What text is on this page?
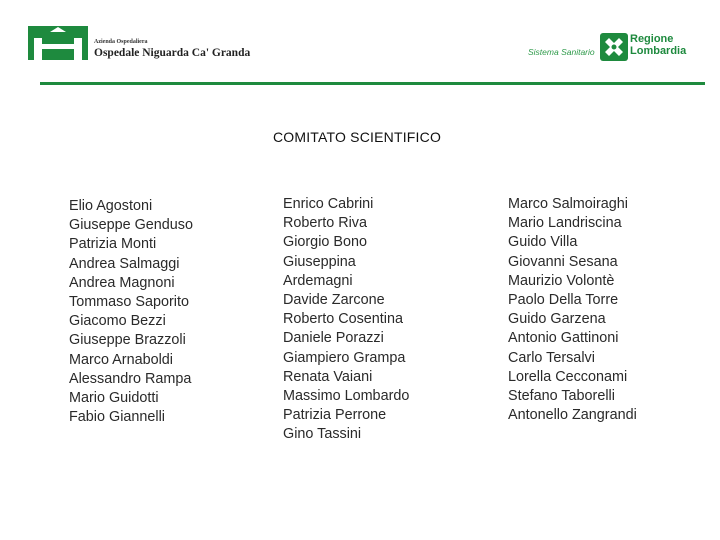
Azienda Ospedaliera
Ospedale Niguarda Ca' Granda	Sistema Sanitario
Regione
Lombardia
COMITATO SCIENTIFICO
Elio Agostoni
Giuseppe Genduso
Patrizia Monti
Andrea Salmaggi
Andrea Magnoni
Tommaso Saporito
Giacomo Bezzi
Giuseppe Brazzoli
Marco Arnaboldi
Alessandro Rampa
Mario Guidotti
Fabio Giannelli
Enrico Cabrini
Roberto Riva
Giorgio Bono
Giuseppina
Ardemagni
Davide Zarcone
Roberto Cosentina
Daniele Porazzi
Giampiero Grampa
Renata Vaiani
Massimo Lombardo
Patrizia Perrone
Gino Tassini
Marco Salmoiraghi
Mario Landriscina
Guido Villa
Giovanni Sesana
Maurizio Volontè
Paolo Della Torre
Guido Garzena
Antonio Gattinoni
Carlo Tersalvi
Lorella Cecconami
Stefano Taborelli
Antonello Zangrandi
